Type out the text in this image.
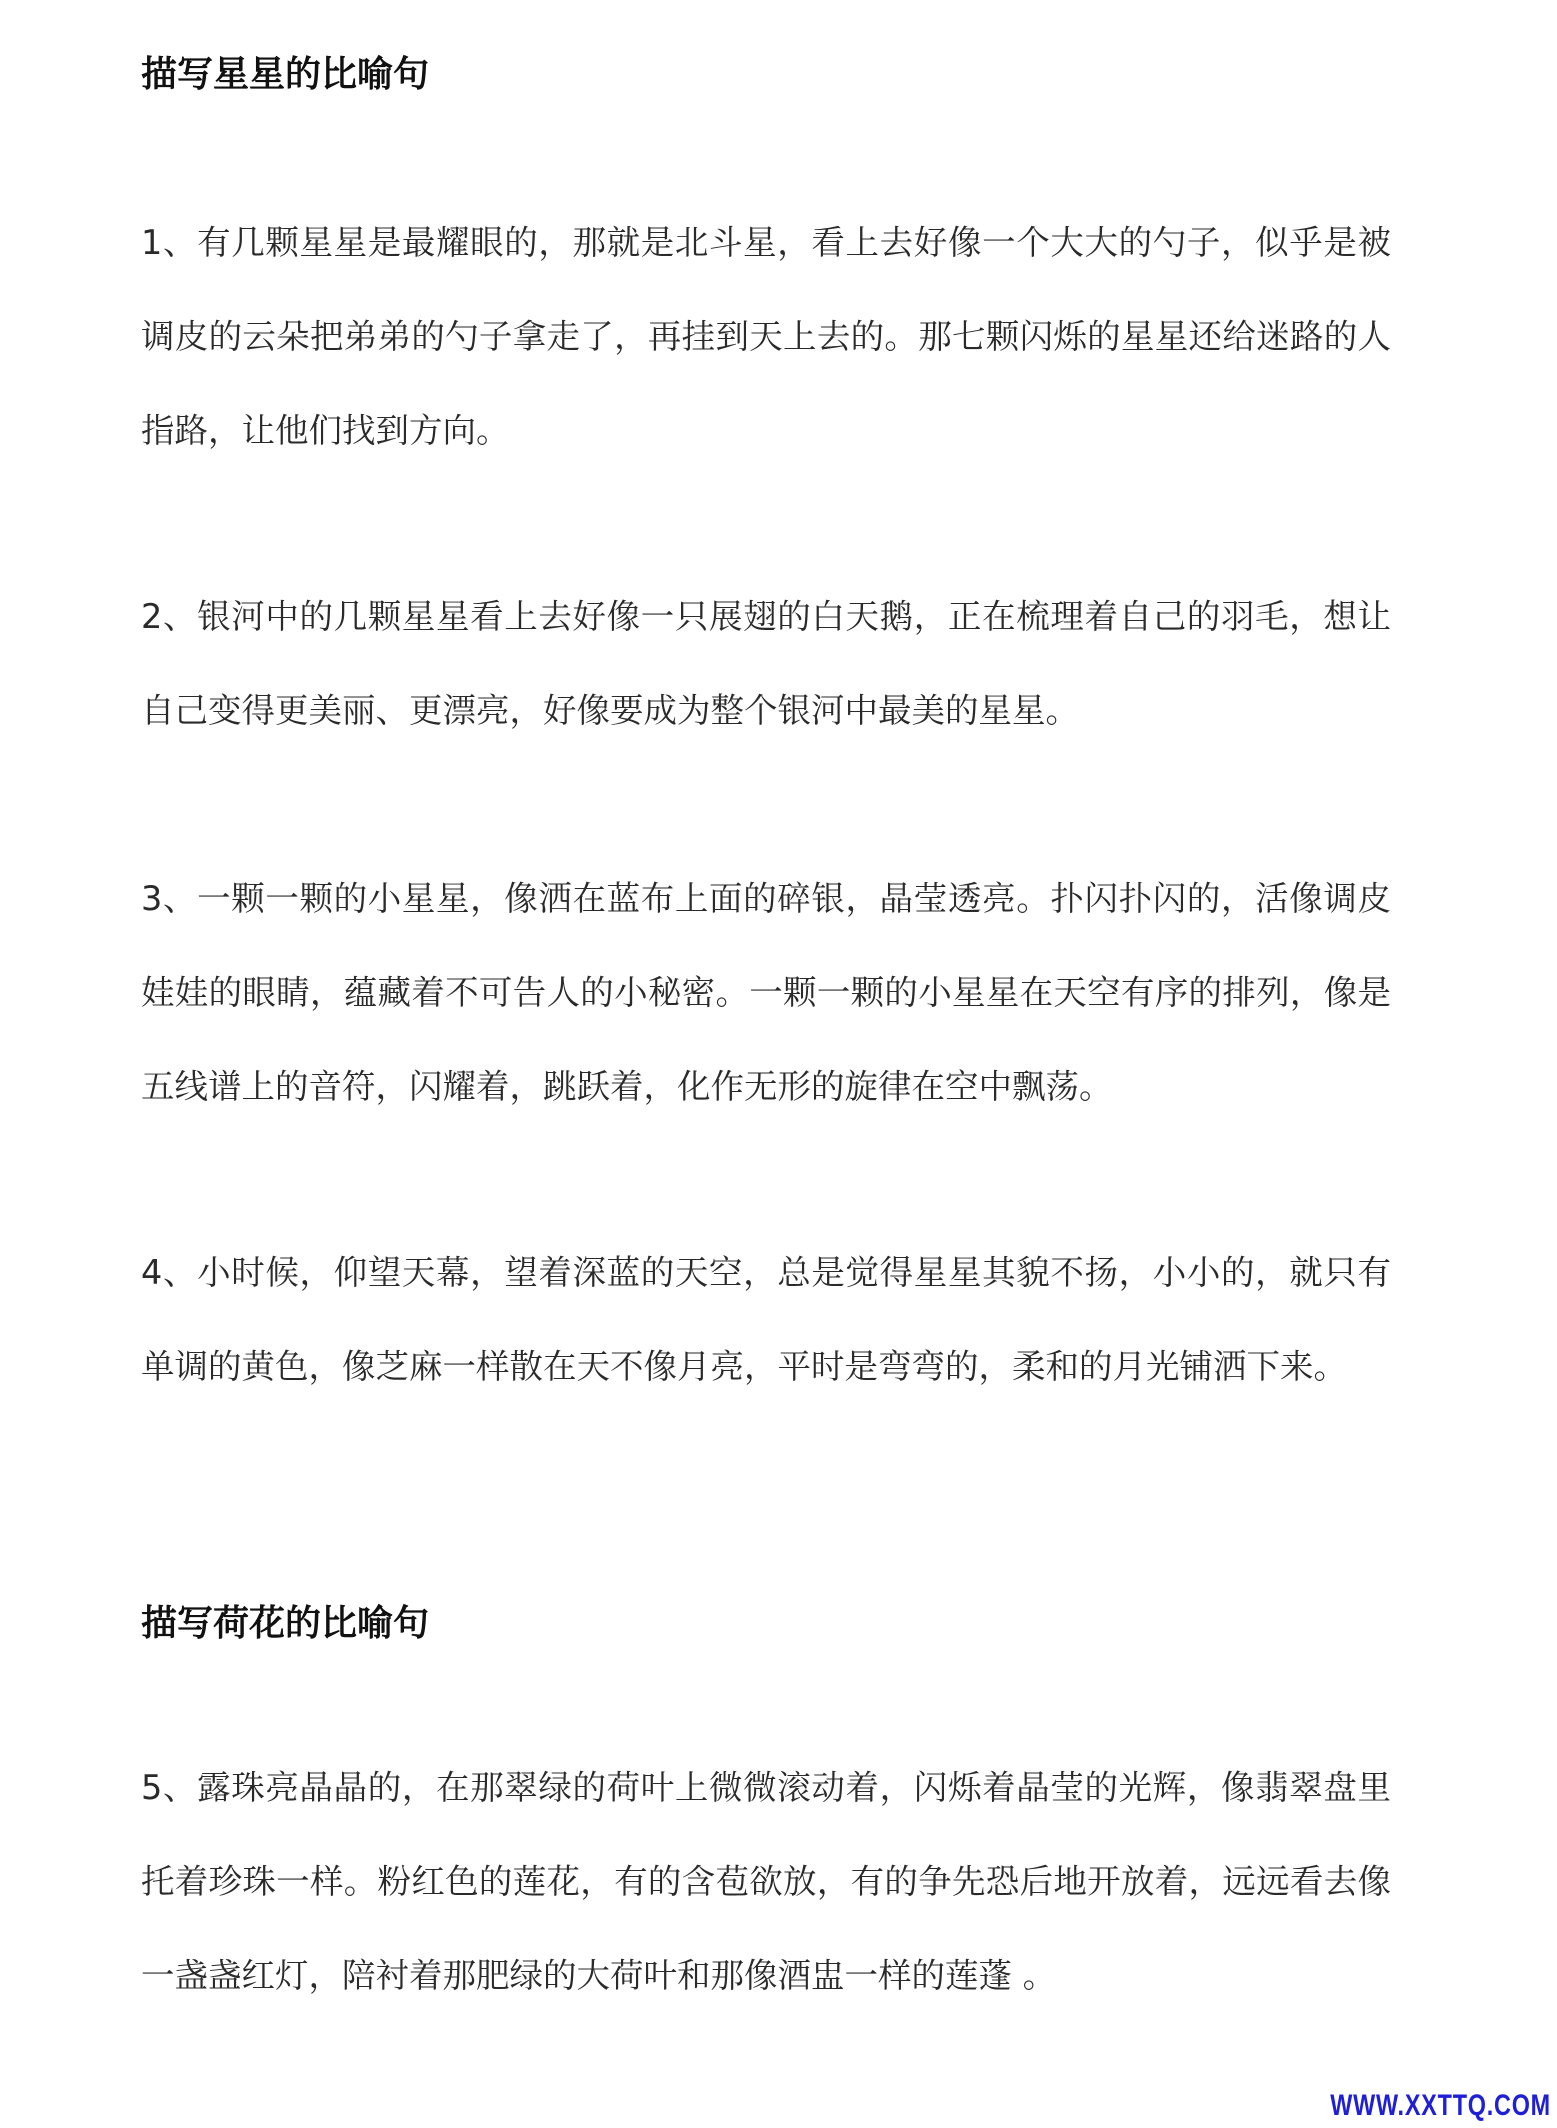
描写星星的比喻句
1、有几颗星星是最耀眼的，那就是北斗星，看上去好像一个大大的勺子，似乎是被调皮的云朵把弟弟的勺子拿走了，再挂到天上去的。那七颗闪烁的星星还给迷路的人指路，让他们找到方向。
2、银河中的几颗星星看上去好像一只展翅的白天鹅，正在梳理着自己的羽毛，想让自己变得更美丽、更漂亮，好像要成为整个银河中最美的星星。
3、一颗一颗的小星星，像洒在蓝布上面的碎银，晶莹透亮。扑闪扑闪的，活像调皮娃娃的眼睛，蕴藏着不可告人的小秘密。一颗一颗的小星星在天空有序的排列，像是五线谱上的音符，闪耀着，跳跃着，化作无形的旋律在空中飘荡。
4、小时候，仰望天幕，望着深蓝的天空，总是觉得星星其貌不扬，小小的，就只有单调的黄色，像芝麻一样散在天不像月亮，平时是弯弯的，柔和的月光铺洒下来。
描写荷花的比喻句
5、露珠亮晶晶的，在那翠绿的荷叶上微微滚动着，闪烁着晶莹的光辉，像翡翠盘里托着珍珠一样。粉红色的莲花，有的含苞欲放，有的争先恐后地开放着，远远看去像一盏盏红灯，陪衬着那肥绿的大荷叶和那像酒盅一样的莲蓬 。
WWW.XXTTQ.COM
